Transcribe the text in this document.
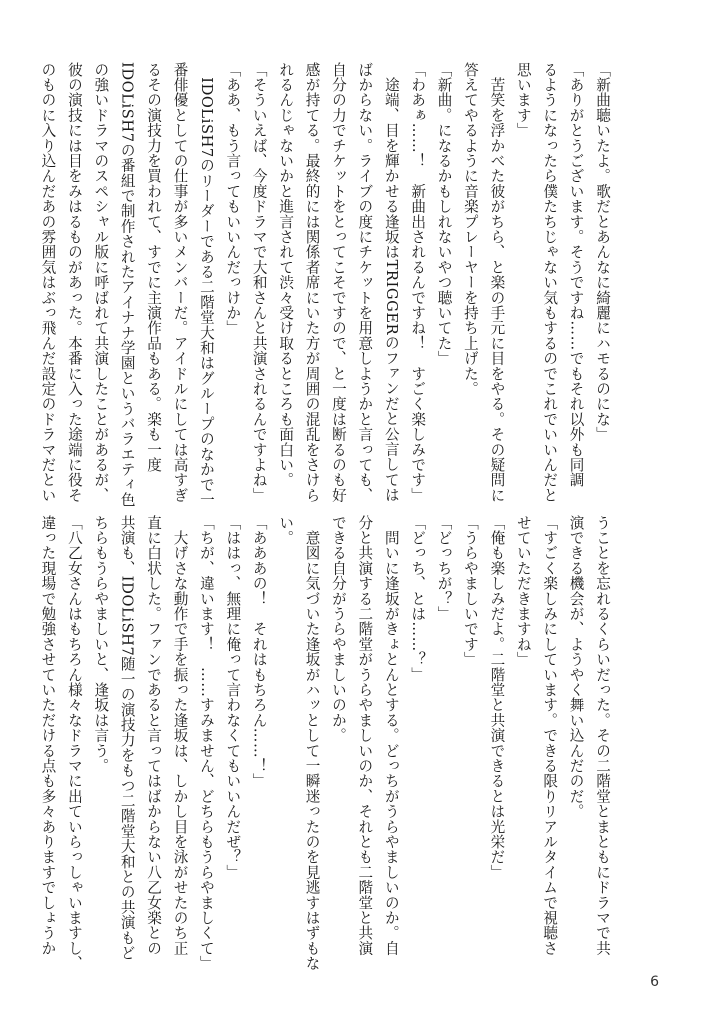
「新曲聴いたよ。歌だとあんなに綺麗にハモるのにな」
「ありがとうございます。そうですね……でもそれ以外も同調
るようになったら僕たちじゃない気もするのでこれでいいんだと
思います」
　苦笑を浮かべた彼がちら、と楽の手元に目をやる。その疑問に
答えてやるように音楽プレーヤーを持ち上げた。
「新曲。になるかもしれないやつ聴いてた」
「わあぁ……！　新曲出されるんですね！　すごく楽しみです」
　途端、目を輝かせる逢坂はTRIGGERのファンだと公言しては
ばからない。ライブの度にチケットを用意しようかと言っても、
自分の力でチケットをとってこそですので、と一度は断るのも好
感が持てる。最終的には関係者席にいた方が周囲の混乱をさけら
れるんじゃないかと進言されて渋々受け取るところも面白い。
「そういえば、今度ドラマで大和さんと共演されるんですよね」
「ああ、もう言ってもいいんだっけか」
　IDOLiSH7のリーダーである二階堂大和はグループのなかで一
番俳優としての仕事が多いメンバーだ。アイドルにしては高すぎ
るその演技力を買われて、すでに主演作品もある。楽も一度
IDOLiSH7の番組で制作されたアイナナ学園というバラエティ色
の強いドラマのスペシャル版に呼ばれて共演したことがあるが、
彼の演技には目をみはるものがあった。本番に入った途端に役そ
のものに入り込んだあの雰囲気はぶっ飛んだ設定のドラマだとい
うことを忘れるくらいだった。その二階堂とまともにドラマで共
演できる機会が、ようやく舞い込んだのだ。
「すごく楽しみにしています。できる限りリアルタイムで視聴さ
せていただきますね」
「俺も楽しみだよ。二階堂と共演できるとは光栄だ」
「うらやましいです」
「どっちが？」
「どっち、とは……？」
　問いに逢坂がきょとんとする。どっちがうらやましいのか。自
分と共演する二階堂がうらやましいのか、それとも二階堂と共演
できる自分がうらやましいのか。
　意図に気づいた逢坂がハッとして一瞬迷ったのを見逃すはずもな
い。
「あああの！　それはもちろん……！」
「ははっ、無理に俺って言わなくてもいいんだぜ？」
「ちが、違います！　……すみません、どちらもうらやましくて」
　大げさな動作で手を振った逢坂は、しかし目を泳がせたのち正
直に白状した。ファンであると言ってはばからない八乙女楽との
共演も、IDOLiSH7随一の演技力をもつ二階堂大和との共演もど
ちらもうらやましいと、逢坂は言う。
「八乙女さんはもちろん様々なドラマに出ていらっしゃいますし、
違った現場で勉強させていただける点も多々ありますでしょうか
6
